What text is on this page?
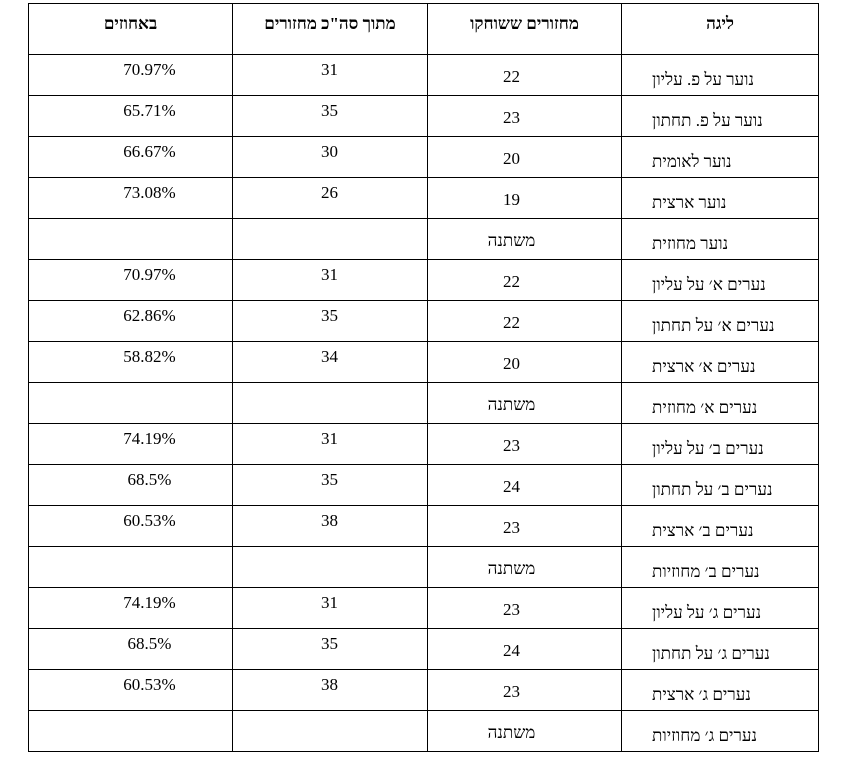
ליגה	מחזורים ששוחקו	מתוך סה"כ מחזורים	באחוזים
נוער על פ. עליון	22	31	70.97%
נוער על פ. תחתון	23	35	65.71%
נוער לאומית	20	30	66.67%
נוער ארצית	19	26	73.08%
נוער מחוזית	משתנה		
נערים א׳ על עליון	22	31	70.97%
נערים א׳ על תחתון	22	35	62.86%
נערים א׳ ארצית	20	34	58.82%
נערים א׳ מחוזית	משתנה		
נערים ב׳ על עליון	23	31	74.19%
נערים ב׳ על תחתון	24	35	68.5%
נערים ב׳ ארצית	23	38	60.53%
נערים ב׳ מחוזיות	משתנה		
נערים ג׳ על עליון	23	31	74.19%
נערים ג׳ על תחתון	24	35	68.5%
נערים ג׳ ארצית	23	38	60.53%
נערים ג׳ מחוזיות	משתנה		
